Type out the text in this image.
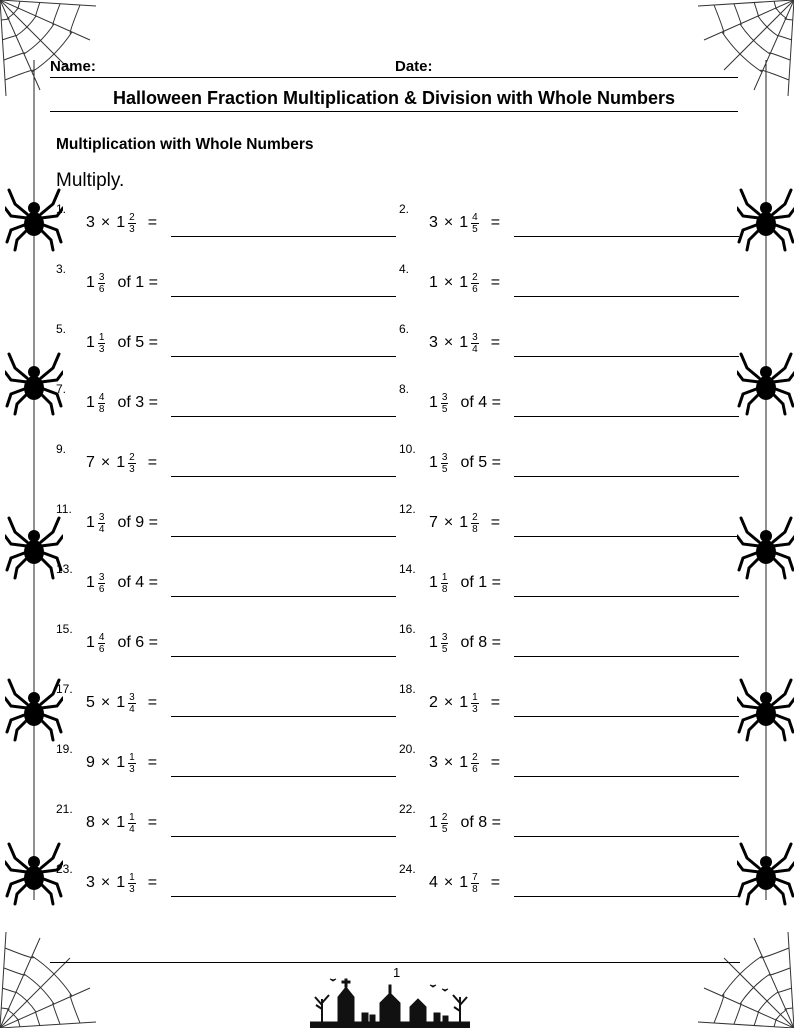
Name:	Date:
Halloween Fraction Multiplication & Division with Whole Numbers
Multiplication with Whole Numbers
Multiply.
1.
$3 \times 1 \frac{2}{3}$ =
2.
$3 \times 1 \frac{4}{5}$ =
3.
$1 \frac{3}{6}$ of 1 =
4.
$1 \times 1 \frac{2}{6}$ =
5.
$1 \frac{1}{3}$ of 5 =
6.
$3 \times 1 \frac{3}{4}$ =
7.
$1 \frac{4}{8}$ of 3 =
8.
$1 \frac{3}{5}$ of 4 =
9.
$7 \times 1 \frac{2}{3}$ =
10.
$1 \frac{3}{5}$ of 5 =
11.
$1 \frac{3}{4}$ of 9 =
12.
$7 \times 1 \frac{2}{8}$ =
13.
$1 \frac{3}{6}$ of 4 =
14.
$1 \frac{1}{8}$ of 1 =
15.
$1 \frac{4}{6}$ of 6 =
16.
$1 \frac{3}{5}$ of 8 =
17.
$5 \times 1 \frac{3}{4}$ =
18.
$2 \times 1 \frac{1}{3}$ =
19.
$9 \times 1 \frac{1}{3}$ =
20.
$3 \times 1 \frac{2}{6}$ =
21.
$8 \times 1 \frac{1}{4}$ =
22.
$1 \frac{2}{5}$ of 8 =
23.
$3 \times 1 \frac{1}{3}$ =
24.
$4 \times 1 \frac{7}{8}$ =
1
